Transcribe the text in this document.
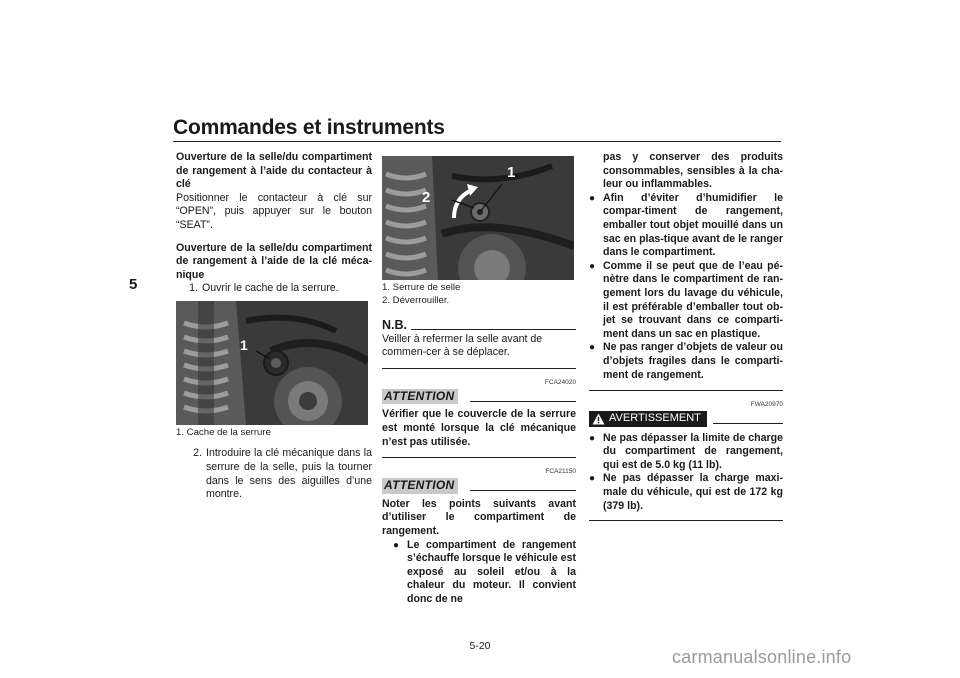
Commandes et instruments
5

Ouverture de la selle/du compartiment de rangement à l’aide du contacteur à clé

Positionner le contacteur à clé sur “OPEN”, puis appuyer sur le bouton “SEAT”.

Ouverture de la selle/du compartiment de rangement à l’aide de la clé méca-nique

1. Ouvrir le cache de la serrure.
1

1. Cache de la serrure

2. Introduire la clé mécanique dans la serrure de la selle, puis la tourner dans le sens des aiguilles d’une montre.
1
2

1. Serrure de selle

2. Déverrouiller.

N.B.

Veiller à refermer la selle avant de commen-cer à se déplacer.

FCA24020
ATTENTION

Vérifier que le couvercle de la serrure est monté lorsque la clé mécanique n’est pas utilisée.

FCA21150
ATTENTION

Noter les points suivants avant d’utiliser le compartiment de rangement.

● Le compartiment de rangement s’échauffe lorsque le véhicule est exposé au soleil et/ou à la chaleur du moteur. Il convient donc de ne
pas y conserver des produits consommables, sensibles à la cha-leur ou inflammables.
● Afin d’éviter d’humidifier le compar-timent de rangement, emballer tout objet mouillé dans un sac en plas-tique avant de le ranger dans le compartiment.
● Comme il se peut que de l’eau pé-nètre dans le compartiment de ran-gement lors du lavage du véhicule, il est préférable d’emballer tout ob-jet se trouvant dans ce comparti-ment dans un sac en plastique.
● Ne pas ranger d’objets de valeur ou d’objets fragiles dans le comparti-ment de rangement.
FWA20970
AVERTISSEMENT
● Ne pas dépasser la limite de charge du compartiment de rangement, qui est de 5.0 kg (11 lb).
● Ne pas dépasser la charge maxi-male du véhicule, qui est de 172 kg (379 lb).
5-20
carmanualsonline.info
